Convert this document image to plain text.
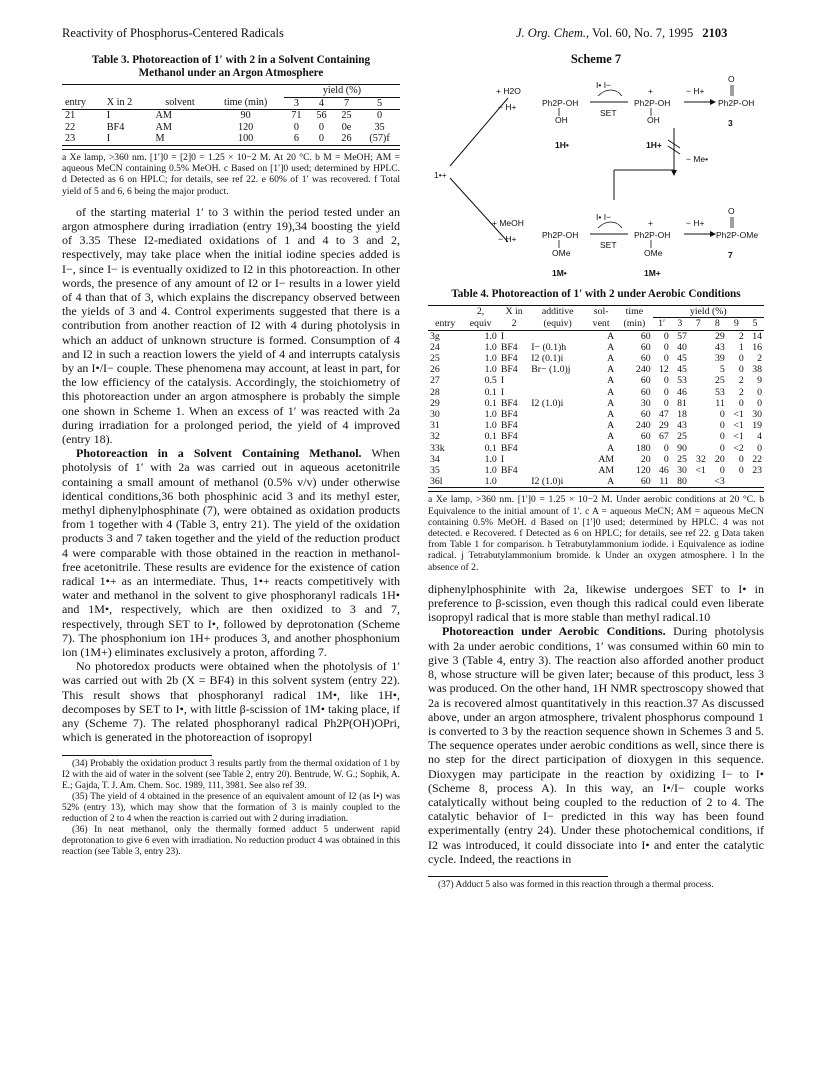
Reactivity of Phosphorus-Centered Radicals	J. Org. Chem., Vol. 60, No. 7, 1995 2103
Table 3. Photoreaction of 1′ with 2 in a Solvent Containing Methanol under an Argon Atmosphere
				yield (%)			
entry	X in 2	solvent	time (min)	3	4	7	5
21	I	AM	90	71	56	25	0
22	BF4	AM	120	0	0	0e	35
23	I	M	100	6	0	26	(57)f
a Xe lamp, >360 nm. [1′]0 = [2]0 = 1.25 × 10−2 M. At 20 °C. b M = MeOH; AM = aqueous MeCN containing 0.5% MeOH. c Based on [1′]0 used; determined by HPLC. d Detected as 6 on HPLC; for details, see ref 22. e 60% of 1′ was recovered. f Total yield of 5 and 6, 6 being the major product.

of the starting material 1′ to 3 within the period tested under an argon atmosphere during irradiation (entry 19),34 boosting the yield of 3.35 These I2-mediated oxidations of 1 and 4 to 3 and 2, respectively, may take place when the initial iodine species added is I−, since I− is eventually oxidized to I2 in this photoreaction. In other words, the presence of any amount of I2 or I− results in a lower yield of 4 than that of 3, which explains the discrepancy observed between the yields of 3 and 4. Control experiments suggested that there is a contribution from another reaction of I2 with 4 during photolysis in which an adduct of unknown structure is formed. Consumption of 4 and I2 in such a reaction lowers the yield of 4 and interrupts catalysis by an I•/I− couple. These phenomena may account, at least in part, for the low efficiency of the catalysis. Accordingly, the stoichiometry of this photoreaction under an argon atmosphere is probably the simple one shown in Scheme 1. When an excess of 1′ was reacted with 2a during irradiation for a prolonged period, the yield of 4 improved (entry 18).

Photoreaction in a Solvent Containing Methanol. When photolysis of 1′ with 2a was carried out in aqueous acetonitrile containing a small amount of methanol (0.5% v/v) under otherwise identical conditions,36 both phosphinic acid 3 and its methyl ester, methyl diphenylphosphinate (7), were obtained as oxidation products from 1 together with 4 (Table 3, entry 21). The yield of the oxidation products 3 and 7 taken together and the yield of the reduction product 4 were comparable with those obtained in the reaction in methanol-free acetonitrile. These results are evidence for the existence of cation radical 1•+ as an intermediate. Thus, 1•+ reacts competitively with water and methanol in the solvent to give phosphoranyl radicals 1H• and 1M•, respectively, which are then oxidized to 3 and 7, respectively, through SET to I•, followed by deprotonation (Scheme 7). The phosphonium ion 1H+ produces 3, and another phosphonium ion (1M+) eliminates exclusively a proton, affording 7.

No photoredox products were obtained when the photolysis of 1′ was carried out with 2b (X = BF4) in this solvent system (entry 22). This result shows that phosphoranyl radical 1M•, like 1H•, decomposes by SET to I•, with little β-scission of 1M• taking place, if any (Scheme 7). The related phosphoranyl radical Ph2P(OH)OPri, which is generated in the photoreaction of isopropyl

(34) Probably the oxidation product 3 results partly from the thermal oxidation of 1 by I2 with the aid of water in the solvent (see Table 2, entry 20). Bentrude, W. G.; Sophik, A. E.; Gajda, T. J. Am. Chem. Soc. 1989, 111, 3981. See also ref 39.

(35) The yield of 4 obtained in the presence of an equivalent amount of I2 (as I•) was 52% (entry 13), which may show that the formation of 3 is mainly coupled to the reduction of 2 to 4 when the reaction is carried out with 2 during irradiation.

(36) In neat methanol, only the thermally formed adduct 5 underwent rapid deprotonation to give 6 even with irradiation. No reduction product 4 was obtained in this reaction (see Table 3, entry 23).

Scheme 7
1•+
+ H2O
− H+	Ph2P-OH
OH
1H•
I• I−
SET
+
Ph2P-OH
OH
1H+
− H+
O
Ph2P-OH
3
− Me•
+ MeOH
− H+	Ph2P-OH
OMe
1M•
I• I−
SET
+
Ph2P-OH
OMe
1M+
− H+
O
Ph2P-OMe
7
Table 4. Photoreaction of 1′ with 2 under Aerobic Conditions
	2,	X in	additive	sol-	time	yield (%)					
entry	equiv	2	(equiv)	vent	(min)	1′	3	7	8	9	5
3g	1.0	I		A	60	0	57		29	2	14
24	1.0	BF4	I− (0.1)h	A	60	0	40		43	1	16
25	1.0	BF4	I2 (0.1)i	A	60	0	45		39	0	2
26	1.0	BF4	Br− (1.0)j	A	240	12	45		5	0	38
27	0.5	I		A	60	0	53		25	2	9
28	0.1	I		A	60	0	46		53	2	0
29	0.1	BF4	I2 (1.0)i	A	30	0	81		11	0	0
30	1.0	BF4		A	60	47	18		0	<1	30
31	1.0	BF4		A	240	29	43		0	<1	19
32	0.1	BF4		A	60	67	25		0	<1	4
33k	0.1	BF4		A	180	0	90		0	<2	0
34	1.0	I		AM	20	0	25	32	20	0	22
35	1.0	BF4		AM	120	46	30	<1	0	0	23
36l	1.0		I2 (1.0)i	A	60	11	80		<3		
a Xe lamp, >360 nm. [1′]0 = 1.25 × 10−2 M. Under aerobic conditions at 20 °C. b Equivalence to the initial amount of 1′. c A = aqueous MeCN; AM = aqueous MeCN containing 0.5% MeOH. d Based on [1′]0 used; determined by HPLC. 4 was not detected. e Recovered. f Detected as 6 on HPLC; for details, see ref 22. g Data taken from Table 1 for comparison. h Tetrabutylammonium iodide. i Equivalence as iodine radical. j Tetrabutylammonium bromide. k Under an oxygen atmosphere. l In the absence of 2.

diphenylphosphinite with 2a, likewise undergoes SET to I• in preference to β-scission, even though this radical could even liberate isopropyl radical that is more stable than methyl radical.10

Photoreaction under Aerobic Conditions. During photolysis with 2a under aerobic conditions, 1′ was consumed within 60 min to give 3 (Table 4, entry 3). The reaction also afforded another product 8, whose structure will be given later; because of this product, less 3 was produced. On the other hand, 1H NMR spectroscopy showed that 2a is recovered almost quantitatively in this reaction.37 As discussed above, under an argon atmosphere, trivalent phosphorus compound 1 is converted to 3 by the reaction sequence shown in Schemes 3 and 5. The sequence operates under aerobic conditions as well, since there is no step for the direct participation of dioxygen in this sequence. Dioxygen may participate in the reaction by oxidizing I− to I• (Scheme 8, process A). In this way, an I•/I− couple works catalytically without being coupled to the reduction of 2 to 4. The catalytic behavior of I− predicted in this way has been found experimentally (entry 24). Under these photochemical conditions, if I2 was introduced, it could dissociate into I• and enter the catalytic cycle. Indeed, the reactions in

(37) Adduct 5 also was formed in this reaction through a thermal process.
